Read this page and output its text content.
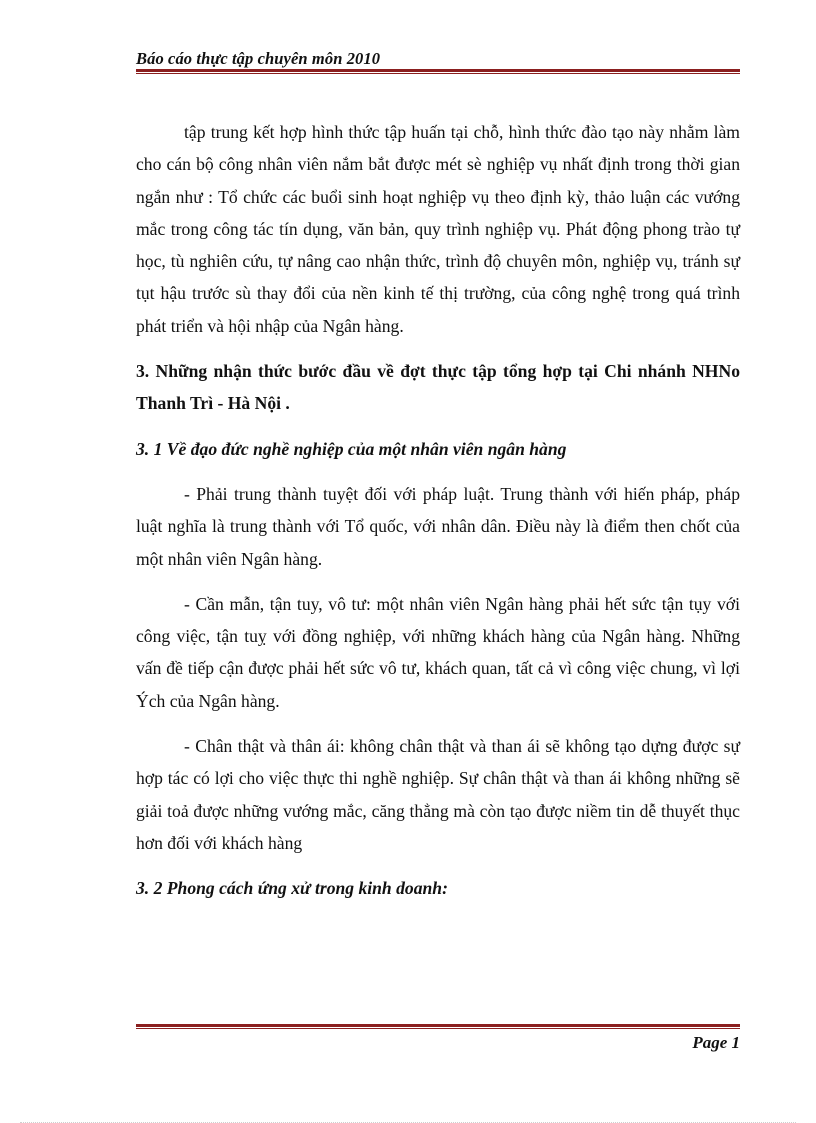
Báo cáo thực tập chuyên môn 2010

tập trung kết hợp hình thức tập huấn tại chỗ, hình thức đào tạo này nhằm làm cho cán bộ công nhân viên nắm bắt được mét sè nghiệp vụ nhất định trong thời gian ngắn như : Tổ chức các buổi sinh hoạt nghiệp vụ theo định kỳ, thảo luận các vướng mắc trong công tác tín dụng, văn bản, quy trình nghiệp vụ. Phát động phong trào tự học, tù nghiên cứu, tự nâng cao nhận thức, trình độ chuyên môn, nghiệp vụ, tránh sự tụt hậu trước sù thay đổi của nền kinh tế thị trường, của công nghệ trong quá trình phát triển và hội nhập của Ngân hàng.

3. Những nhận thức bước đầu về đợt thực tập tổng hợp tại Chi nhánh NHNo Thanh Trì - Hà Nội .

3. 1 Về đạo đức nghề nghiệp của một nhân viên ngân hàng

- Phải trung thành tuyệt đối với pháp luật. Trung thành với hiến pháp, pháp luật nghĩa là trung thành với Tổ quốc, với nhân dân. Điều này là điểm then chốt của một nhân viên Ngân hàng.

- Cần mẫn, tận tuy, vô tư: một nhân viên Ngân hàng phải hết sức tận tụy với công việc, tận tuỵ với đồng nghiệp, với những khách hàng của Ngân hàng. Những vấn đề tiếp cận được phải hết sức vô tư, khách quan, tất cả vì công việc chung, vì lợi Ých của Ngân hàng.

- Chân thật và thân ái: không chân thật và than ái sẽ không tạo dựng được sự hợp tác có lợi cho việc thực thi nghề nghiệp. Sự chân thật và than ái không những sẽ giải toả được những vướng mắc, căng thẳng mà còn tạo được niềm tin dễ thuyết thục hơn đối với khách hàng

3. 2 Phong cách ứng xử trong kinh doanh:

Page 1
